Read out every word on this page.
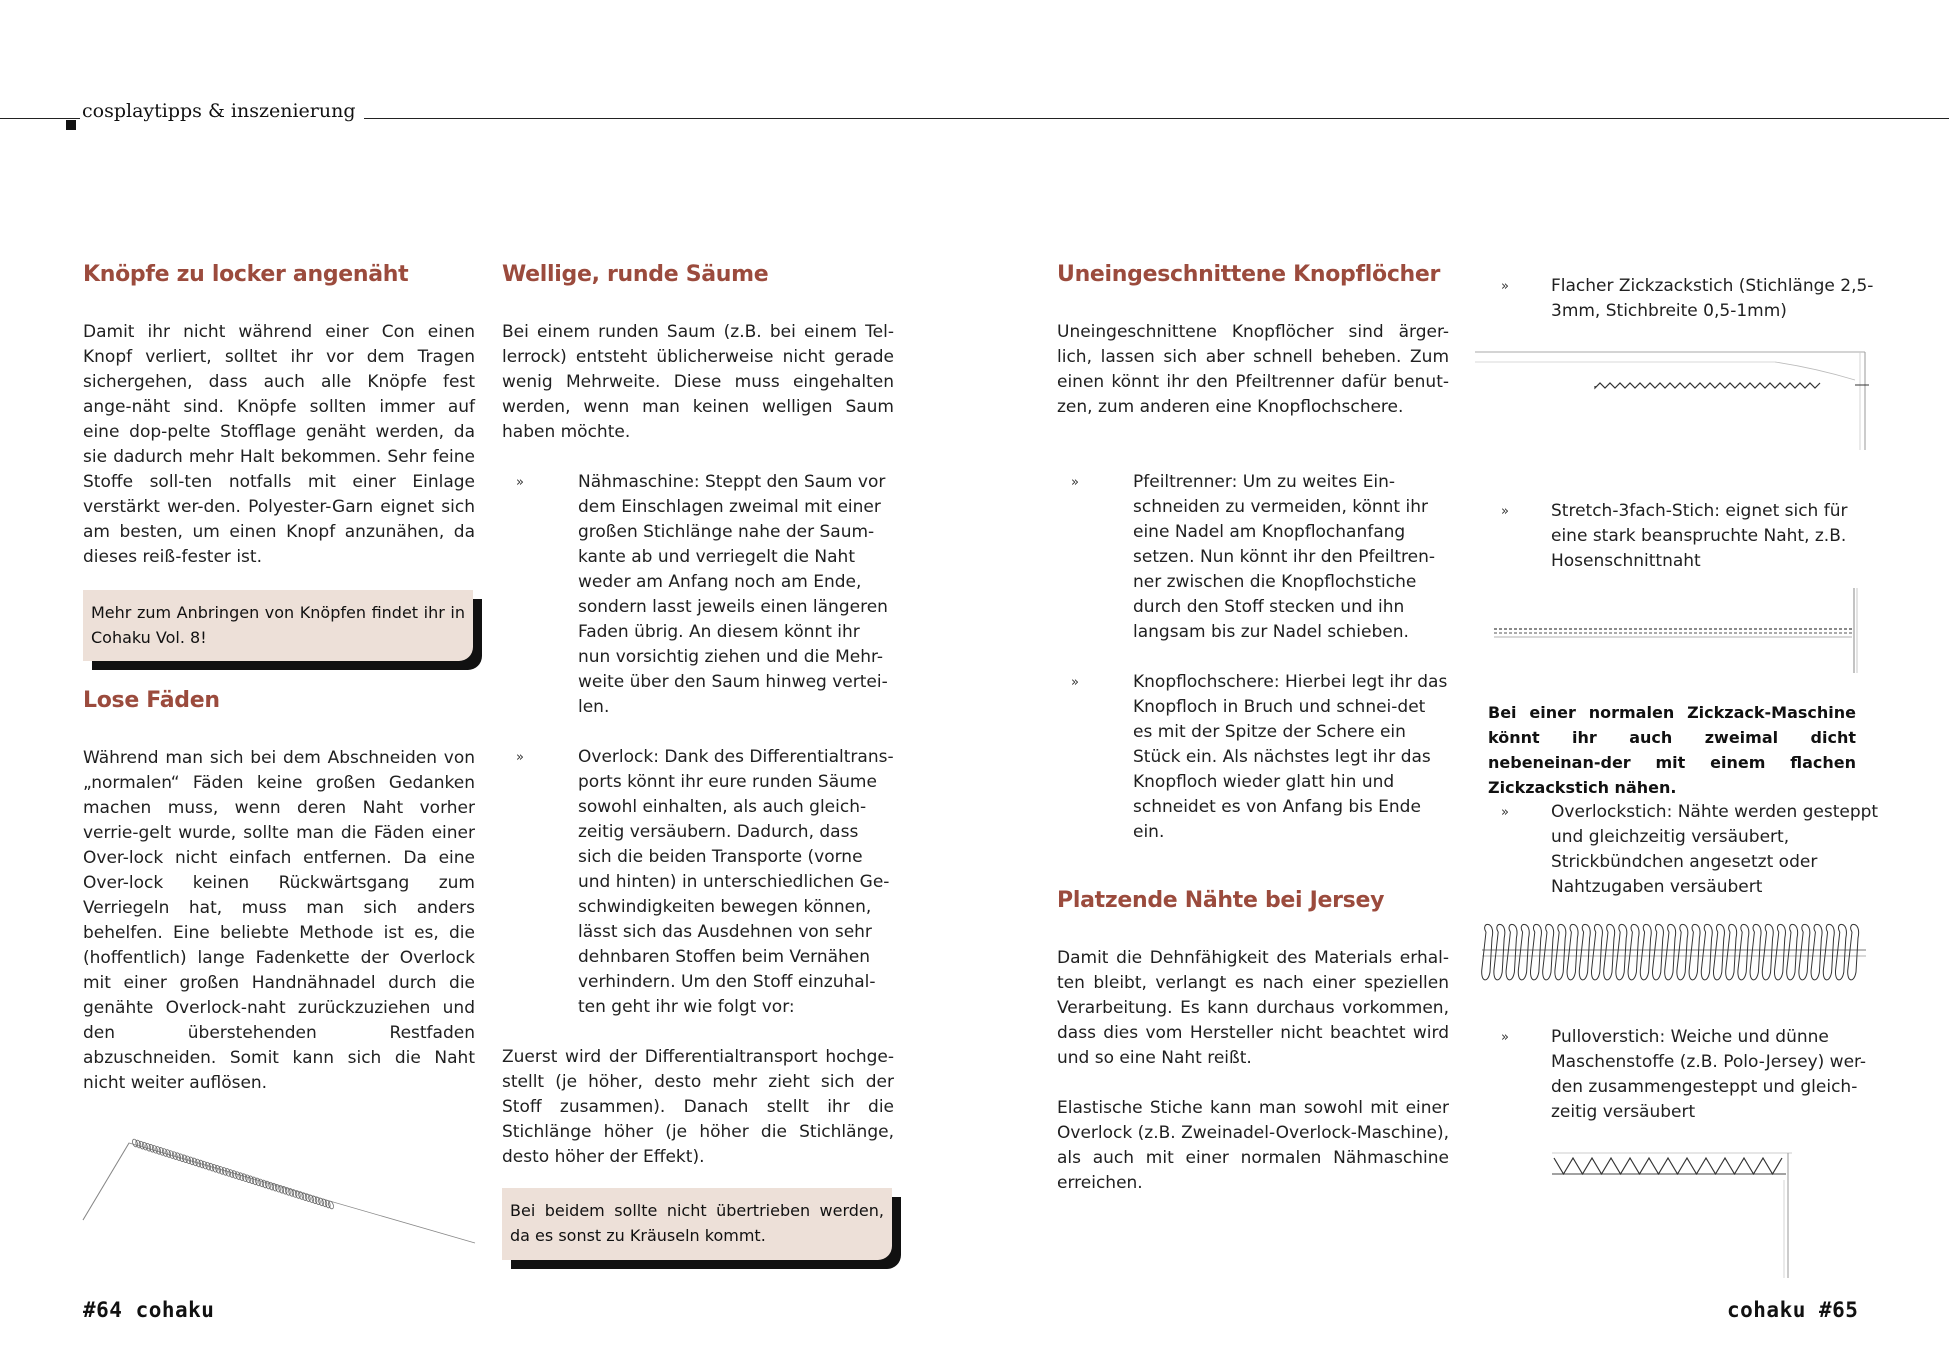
cosplaytipps & inszenierung
Knöpfe zu locker angenäht

Damit ihr nicht während einer Con einen Knopf verliert, solltet ihr vor dem Tragen sichergehen, dass auch alle Knöpfe fest ange-näht sind. Knöpfe sollten immer auf eine dop-pelte Stofflage genäht werden, da sie dadurch mehr Halt bekommen. Sehr feine Stoffe soll-ten notfalls mit einer Einlage verstärkt wer-den. Polyester-Garn eignet sich am besten, um einen Knopf anzunähen, da dieses reiß-fester ist.

Mehr zum Anbringen von Knöpfen findet ihr in Cohaku Vol. 8!
Lose Fäden

Während man sich bei dem Abschneiden von „normalen“ Fäden keine großen Gedanken machen muss, wenn deren Naht vorher verrie-gelt wurde, sollte man die Fäden einer Over-lock nicht einfach entfernen. Da eine Over-lock keinen Rückwärtsgang zum Verriegeln hat, muss man sich anders behelfen. Eine beliebte Methode ist es, die (hoffentlich) lange Fadenkette der Overlock mit einer großen Handnähnadel durch die genähte Overlock-naht zurückzuziehen und den überstehenden Restfaden abzuschneiden. Somit kann sich die Naht nicht weiter auflösen.

Wellige, runde Säume

Bei einem runden Saum (z.B. bei einem Tel-lerrock) entsteht üblicherweise nicht gerade wenig Mehrweite. Diese muss eingehalten werden, wenn man keinen welligen Saum haben möchte.

»	Nähmaschine: Steppt den Saum vor dem Einschlagen zweimal mit einer großen Stichlänge nahe der Saum-kante ab und verriegelt die Naht weder am Anfang noch am Ende, sondern lasst jeweils einen längeren Faden übrig. An diesem könnt ihr nun vorsichtig ziehen und die Mehr-weite über den Saum hinweg vertei-len.
»	Overlock: Dank des Differentialtrans-ports könnt ihr eure runden Säume sowohl einhalten, als auch gleich-zeitig versäubern. Dadurch, dass sich die beiden Transporte (vorne und hinten) in unterschiedlichen Ge-schwindigkeiten bewegen können, lässt sich das Ausdehnen von sehr dehnbaren Stoffen beim Vernähen verhindern. Um den Stoff einzuhal-ten geht ihr wie folgt vor:

Zuerst wird der Differentialtransport hochge-stellt (je höher, desto mehr zieht sich der Stoff zusammen). Danach stellt ihr die Stichlänge höher (je höher die Stichlänge, desto höher der Effekt).

Bei beidem sollte nicht übertrieben werden, da es sonst zu Kräuseln kommt.
Uneingeschnittene Knopflöcher

Uneingeschnittene Knopflöcher sind ärger-lich, lassen sich aber schnell beheben. Zum einen könnt ihr den Pfeiltrenner dafür benut-zen, zum anderen eine Knopflochschere.

»	Pfeiltrenner: Um zu weites Ein-schneiden zu vermeiden, könnt ihr eine Nadel am Knopflochanfang setzen. Nun könnt ihr den Pfeiltren-ner zwischen die Knopflochstiche durch den Stoff stecken und ihn langsam bis zur Nadel schieben.
»	Knopflochschere: Hierbei legt ihr das Knopfloch in Bruch und schnei-det es mit der Spitze der Schere ein Stück ein. Als nächstes legt ihr das Knopfloch wieder glatt hin und schneidet es von Anfang bis Ende ein.
Platzende Nähte bei Jersey

Damit die Dehnfähigkeit des Materials erhal-ten bleibt, verlangt es nach einer speziellen Verarbeitung. Es kann durchaus vorkommen, dass dies vom Hersteller nicht beachtet wird und so eine Naht reißt.

Elastische Stiche kann man sowohl mit einer Overlock (z.B. Zweinadel-Overlock-Maschine), als auch mit einer normalen Nähmaschine erreichen.

»	Flacher Zickzackstich (Stichlänge 2,5-3mm, Stichbreite 0,5-1mm)
»	Stretch-3fach-Stich: eignet sich für eine stark beanspruchte Naht, z.B. Hosenschnittnaht

Bei einer normalen Zickzack-Maschine könnt ihr auch zweimal dicht nebeneinan-der mit einem flachen Zickzackstich nähen.

»	Overlockstich: Nähte werden gesteppt und gleichzeitig versäubert, Strickbündchen angesetzt oder Nahtzugaben versäubert
»	Pulloverstich: Weiche und dünne Maschenstoffe (z.B. Polo-Jersey) wer-den zusammengesteppt und gleich-zeitig versäubert
#64 cohaku	cohaku #65
